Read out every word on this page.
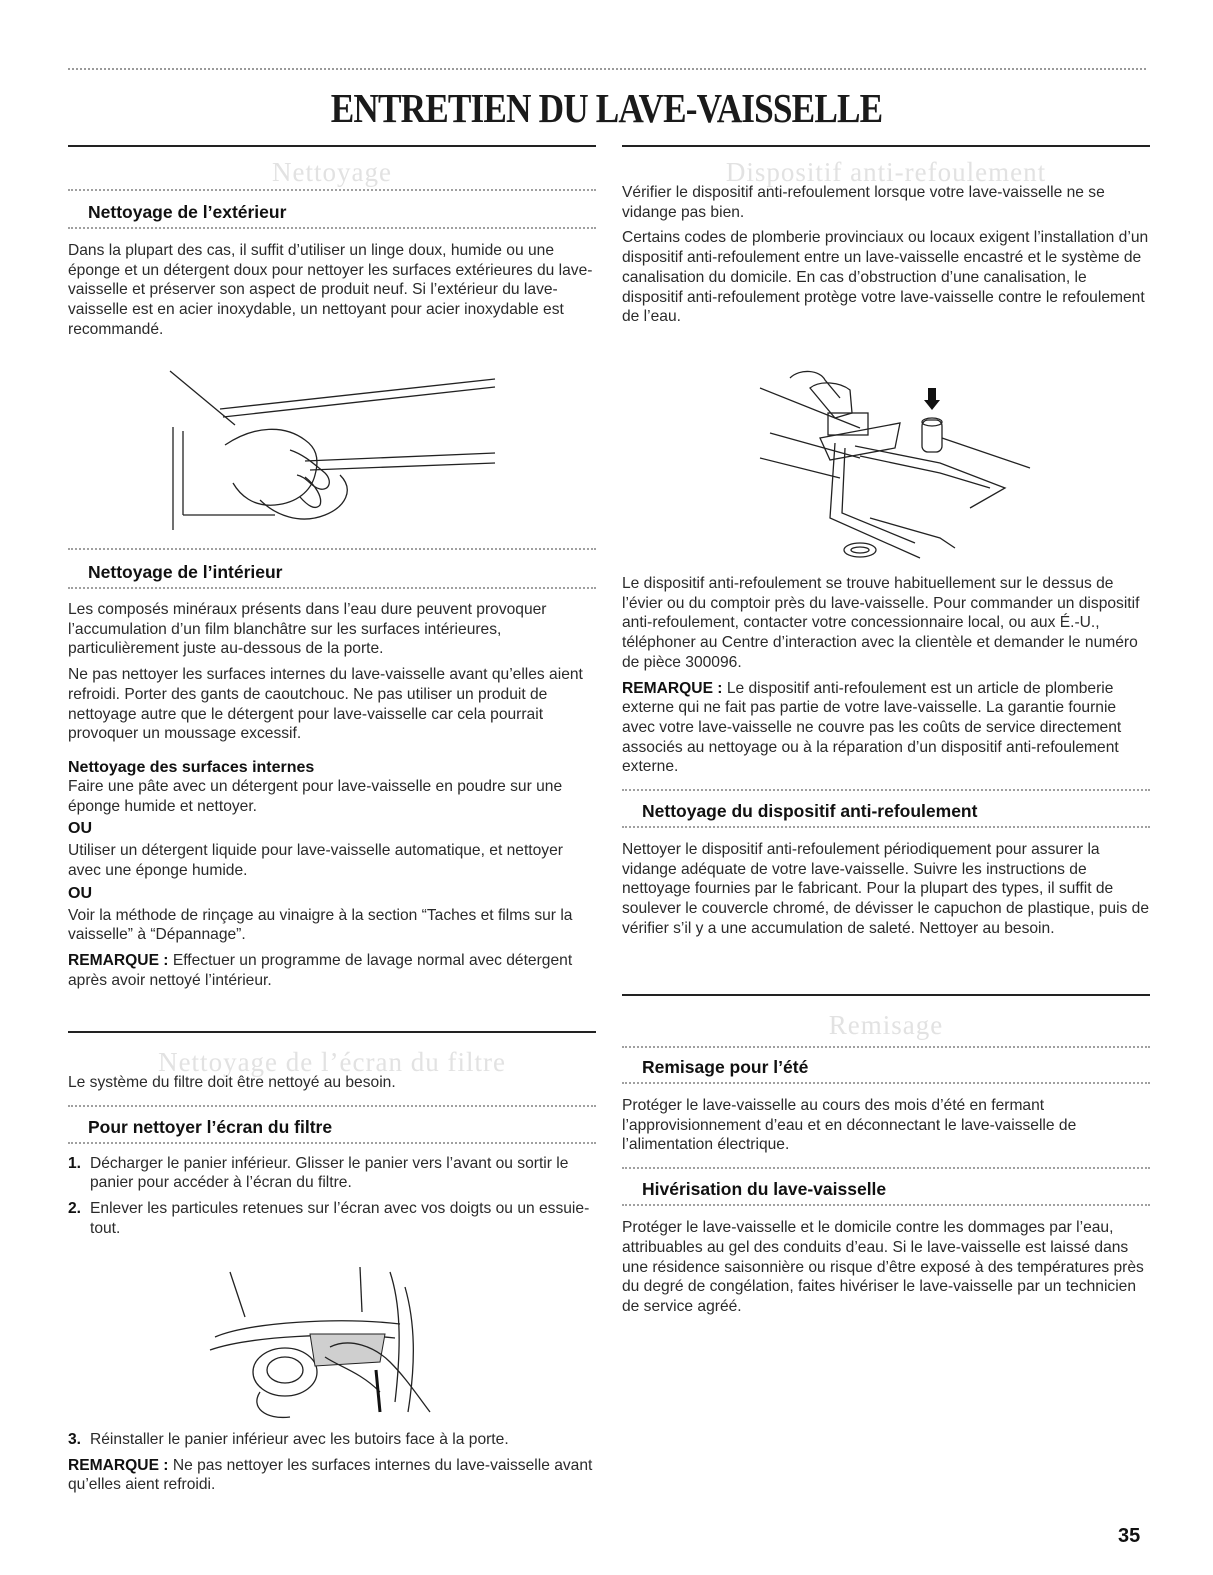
ENTRETIEN DU LAVE-VAISSELLE
Nettoyage
Nettoyage de l’extérieur
Dans la plupart des cas, il suffit d’utiliser un linge doux, humide ou une éponge et un détergent doux pour nettoyer les surfaces extérieures du lave-vaisselle et préserver son aspect de produit neuf. Si l’extérieur du lave-vaisselle est en acier inoxydable, un nettoyant pour acier inoxydable est recommandé.
Nettoyage de l’intérieur
Les composés minéraux présents dans l’eau dure peuvent provoquer l’accumulation d’un film blanchâtre sur les surfaces intérieures, particulièrement juste au-dessous de la porte.
Ne pas nettoyer les surfaces internes du lave-vaisselle avant qu’elles aient refroidi. Porter des gants de caoutchouc. Ne pas utiliser un produit de nettoyage autre que le détergent pour lave-vaisselle car cela pourrait provoquer un moussage excessif.
Nettoyage des surfaces internes
Faire une pâte avec un détergent pour lave-vaisselle en poudre sur une éponge humide et nettoyer.
OU
Utiliser un détergent liquide pour lave-vaisselle automatique, et nettoyer avec une éponge humide.
OU
Voir la méthode de rinçage au vinaigre à la section “Taches et films sur la vaisselle” à “Dépannage”.
REMARQUE : Effectuer un programme de lavage normal avec détergent après avoir nettoyé l’intérieur.
Nettoyage de l’écran du filtre
Le système du filtre doit être nettoyé au besoin.
Pour nettoyer l’écran du filtre
1. Décharger le panier inférieur. Glisser le panier vers l’avant ou sortir le panier pour accéder à l’écran du filtre.
2. Enlever les particules retenues sur l’écran avec vos doigts ou un essuie-tout.
3. Réinstaller le panier inférieur avec les butoirs face à la porte.
REMARQUE : Ne pas nettoyer les surfaces internes du lave-vaisselle avant qu’elles aient refroidi.
Dispositif anti-refoulement
Vérifier le dispositif anti-refoulement lorsque votre lave-vaisselle ne se vidange pas bien.
Certains codes de plomberie provinciaux ou locaux exigent l’installation d’un dispositif anti-refoulement entre un lave-vaisselle encastré et le système de canalisation du domicile. En cas d’obstruction d’une canalisation, le dispositif anti-refoulement protège votre lave-vaisselle contre le refoulement de l’eau.
Le dispositif anti-refoulement se trouve habituellement sur le dessus de l’évier ou du comptoir près du lave-vaisselle. Pour commander un dispositif anti-refoulement, contacter votre concessionnaire local, ou aux É.-U., téléphoner au Centre d’interaction avec la clientèle et demander le numéro de pièce 300096.
REMARQUE : Le dispositif anti-refoulement est un article de plomberie externe qui ne fait pas partie de votre lave-vaisselle. La garantie fournie avec votre lave-vaisselle ne couvre pas les coûts de service directement associés au nettoyage ou à la réparation d’un dispositif anti-refoulement externe.
Nettoyage du dispositif anti-refoulement
Nettoyer le dispositif anti-refoulement périodiquement pour assurer la vidange adéquate de votre lave-vaisselle. Suivre les instructions de nettoyage fournies par le fabricant. Pour la plupart des types, il suffit de soulever le couvercle chromé, de dévisser le capuchon de plastique, puis de vérifier s’il y a une accumulation de saleté. Nettoyer au besoin.
Remisage
Remisage pour l’été
Protéger le lave-vaisselle au cours des mois d’été en fermant l’approvisionnement d’eau et en déconnectant le lave-vaisselle de l’alimentation électrique.
Hivérisation du lave-vaisselle
Protéger le lave-vaisselle et le domicile contre les dommages par l’eau, attribuables au gel des conduits d’eau. Si le lave-vaisselle est laissé dans une résidence saisonnière ou risque d’être exposé à des températures près du degré de congélation, faites hivériser le lave-vaisselle par un technicien de service agréé.
35
